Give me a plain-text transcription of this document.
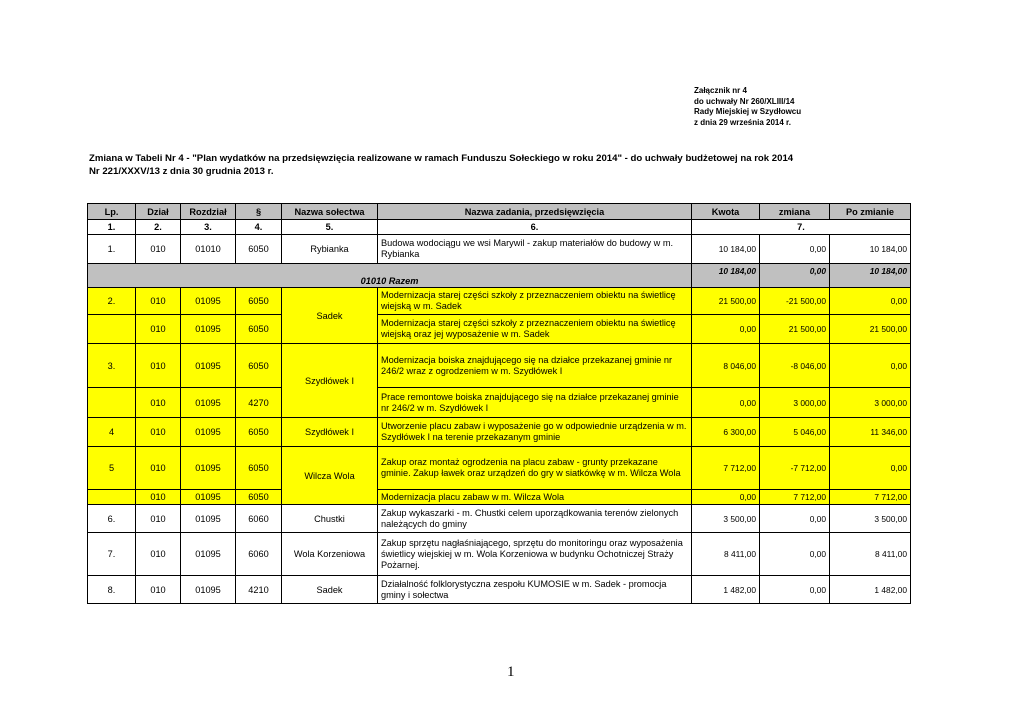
Załącznik nr 4
do uchwały Nr 260/XLIII/14
Rady Miejskiej w Szydłowcu
z dnia 29 września 2014 r.
Zmiana w Tabeli Nr 4 - "Plan wydatków na przedsięwzięcia realizowane w ramach Funduszu Sołeckiego w roku 2014" - do uchwały budżetowej na rok 2014
Nr 221/XXXV/13 z dnia 30 grudnia 2013 r.
Lp.	Dział	Rozdział	§	Nazwa sołectwa	Nazwa zadania, przedsięwzięcia	Kwota	zmiana	Po zmianie
1.	2.	3.	4.	5.	6.	7.		
1.	010	01010	6050	Rybianka	Budowa wodociągu we wsi Marywil - zakup materiałów do budowy w m. Rybianka	10 184,00	0,00	10 184,00
01010 Razem						10 184,00	0,00	10 184,00
2.	010	01095	6050	Sadek	Modernizacja starej części szkoły z przeznaczeniem obiektu na świetlicę wiejską w m. Sadek	21 500,00	-21 500,00	0,00
	010	01095	6050		Modernizacja starej części szkoły z przeznaczeniem obiektu na świetlicę wiejską oraz jej wyposażenie w m. Sadek	0,00	21 500,00	21 500,00
3.	010	01095	6050	Szydłówek I	Modernizacja boiska znajdującego się na działce przekazanej gminie nr 246/2 wraz z ogrodzeniem w m. Szydłówek I	8 046,00	-8 046,00	0,00
	010	01095	4270		Prace remontowe boiska znajdującego się na działce przekazanej gminie nr 246/2 w m. Szydłówek I	0,00	3 000,00	3 000,00
4	010	01095	6050	Szydłówek I	Utworzenie placu zabaw i wyposażenie go w odpowiednie urządzenia w m. Szydłówek I na terenie przekazanym gminie	6 300,00	5 046,00	11 346,00
5	010	01095	6050	Wilcza Wola	Zakup oraz montaż ogrodzenia na placu zabaw - grunty przekazane gminie. Zakup ławek oraz urządzeń do gry w siatkówkę w m. Wilcza Wola	7 712,00	-7 712,00	0,00
	010	01095	6050		Modernizacja placu zabaw w m. Wilcza Wola	0,00	7 712,00	7 712,00
6.	010	01095	6060	Chustki	Zakup wykaszarki - m. Chustki celem uporządkowania terenów zielonych należących do gminy	3 500,00	0,00	3 500,00
7.	010	01095	6060	Wola Korzeniowa	Zakup sprzętu nagłaśniającego, sprzętu do monitoringu oraz wyposażenia świetlicy wiejskiej w m. Wola Korzeniowa w budynku Ochotniczej Straży Pożarnej.	8 411,00	0,00	8 411,00
8.	010	01095	4210	Sadek	Działalność folklorystyczna zespołu KUMOSIE w m. Sadek - promocja gminy i sołectwa	1 482,00	0,00	1 482,00
1
